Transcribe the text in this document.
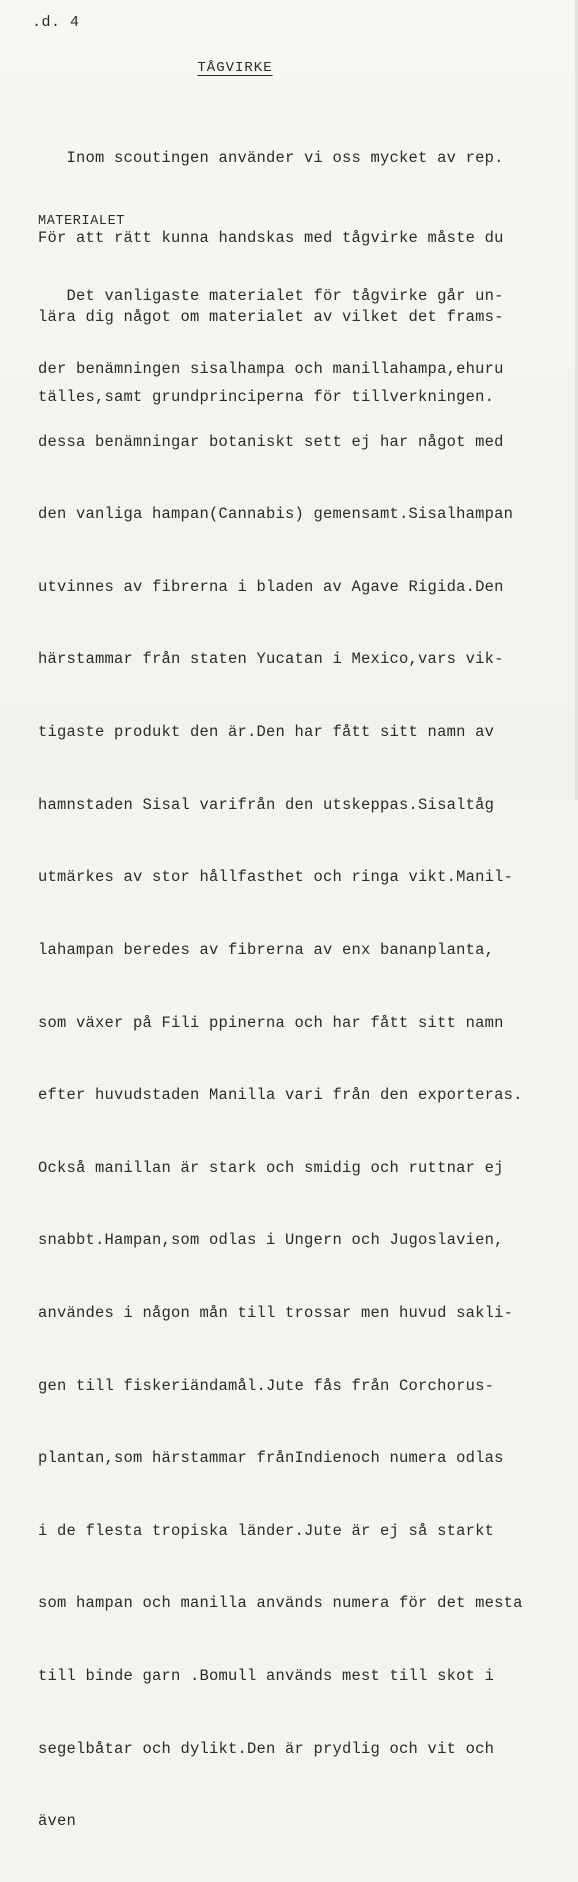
.d. 4
TÅGVIRKE

Inom scoutingen använder vi oss mycket av rep.

För att rätt kunna handskas med tågvirke måste du

lära dig något om materialet av vilket det frams-

tälles,samt grundprinciperna för tillverkningen.

MATERIALET

Det vanligaste materialet för tågvirke går un-

der benämningen sisalhampa och manillahampa,ehuru

dessa benämningar botaniskt sett ej har något med

den vanliga hampan(Cannabis) gemensamt.Sisalhampan

utvinnes av fibrerna i bladen av Agave Rigida.Den

härstammar från staten Yucatan i Mexico,vars vik-

tigaste produkt den är.Den har fått sitt namn av

hamnstaden Sisal varifrån den utskeppas.Sisaltåg

utmärkes av stor hållfasthet och ringa vikt.Manil-

lahampan beredes av fibrerna av enx bananplanta,

som växer på Fili ppinerna och har fått sitt namn

efter huvudstaden Manilla vari från den exporteras.

Också manillan är stark och smidig och ruttnar ej

snabbt.Hampan,som odlas i Ungern och Jugoslavien,

användes i någon mån till trossar men huvud sakli-

gen till fiskeriändamål.Jute fås från Corchorus-

plantan,som härstammar frånIndienoch numera odlas

i de flesta tropiska länder.Jute är ej så starkt

som hampan och manilla används numera för det mesta

till binde garn .Bomull används mest till skot i

segelbåtar och dylikt.Den är prydlig och vit och

även
